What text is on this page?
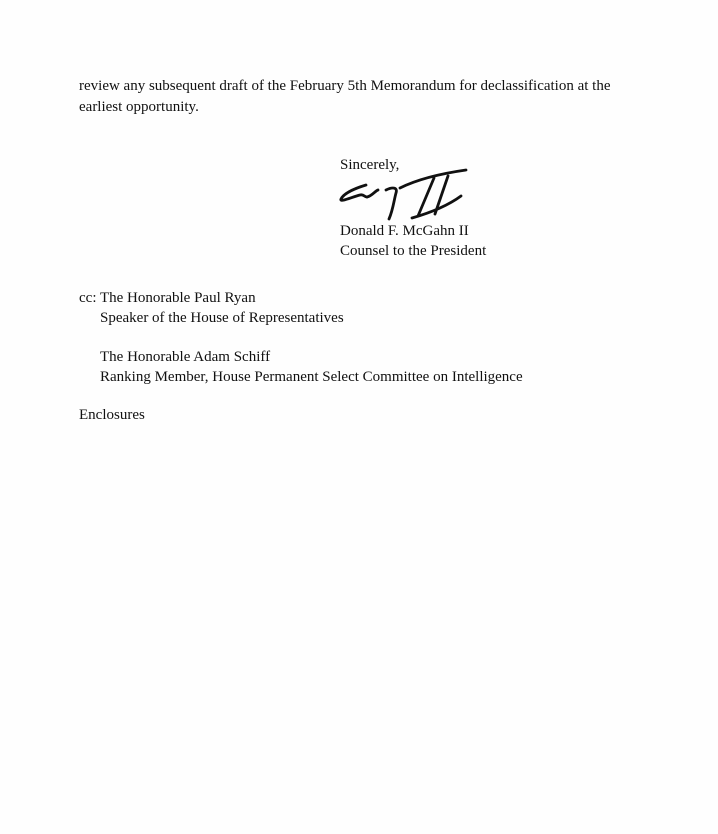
review any subsequent draft of the February 5th Memorandum for declassification at the earliest opportunity.

Sincerely,
Donald F. McGahn II
Counsel to the President
cc: The Honorable Paul Ryan
Speaker of the House of Representatives
The Honorable Adam Schiff
Ranking Member, House Permanent Select Committee on Intelligence
Enclosures
